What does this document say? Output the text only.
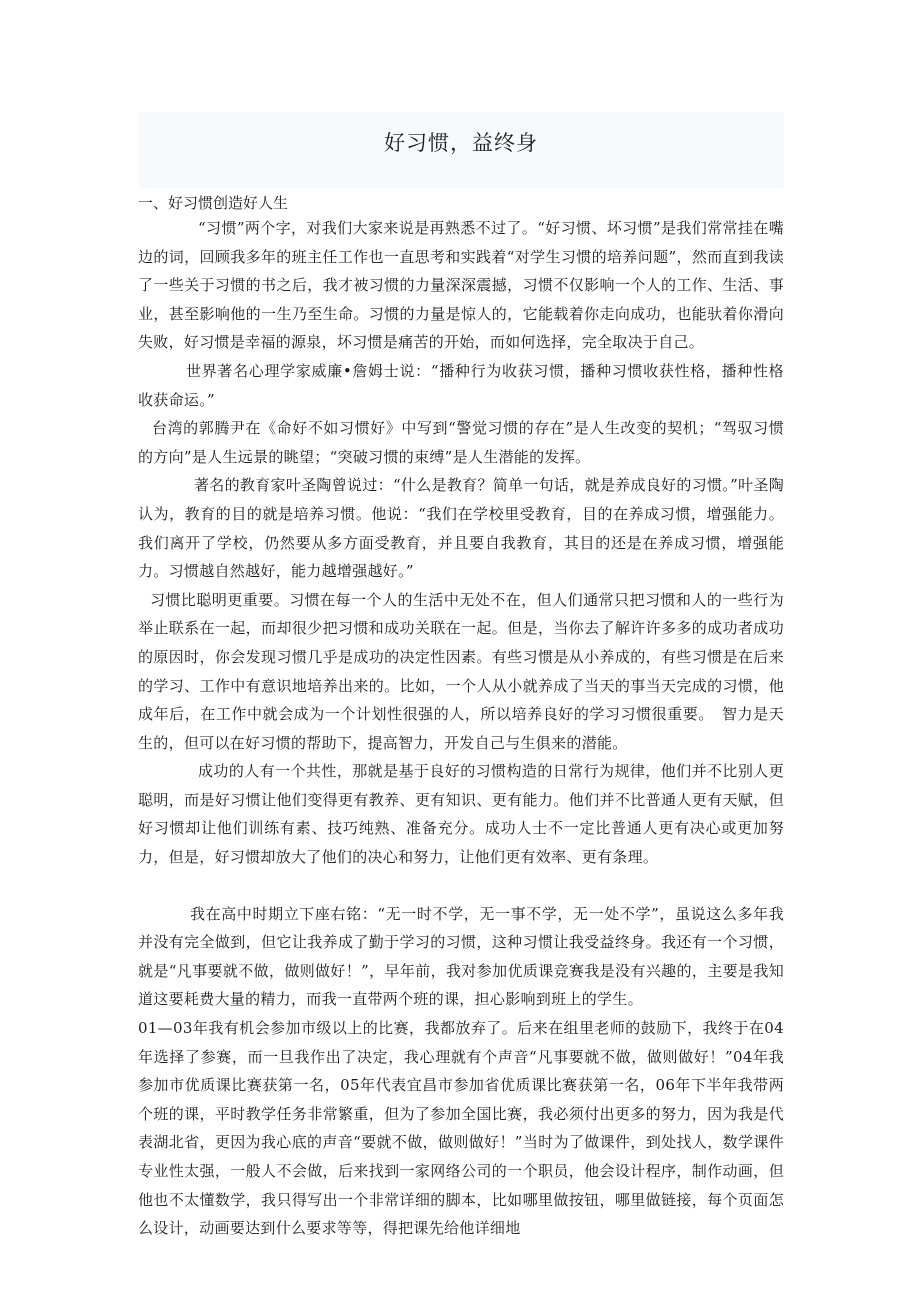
好习惯，益终身
一、好习惯创造好人生

“习惯”两个字，对我们大家来说是再熟悉不过了。“好习惯、坏习惯”是我们常常挂在嘴边的词，回顾我多年的班主任工作也一直思考和实践着“对学生习惯的培养问题”，然而直到我读了一些关于习惯的书之后，我才被习惯的力量深深震撼，习惯不仅影响一个人的工作、生活、事业，甚至影响他的一生乃至生命。习惯的力量是惊人的，它能载着你走向成功，也能驮着你滑向失败，好习惯是幸福的源泉，坏习惯是痛苦的开始，而如何选择，完全取决于自己。

世界著名心理学家威廉•詹姆士说：“播种行为收获习惯，播种习惯收获性格，播种性格收获命运。”

台湾的郭腾尹在《命好不如习惯好》中写到“警觉习惯的存在”是人生改变的契机；“驾驭习惯的方向”是人生远景的眺望；“突破习惯的束缚”是人生潜能的发挥。

著名的教育家叶圣陶曾说过：“什么是教育？简单一句话，就是养成良好的习惯。”叶圣陶认为，教育的目的就是培养习惯。他说：“我们在学校里受教育，目的在养成习惯，增强能力。我们离开了学校，仍然要从多方面受教育，并且要自我教育，其目的还是在养成习惯，增强能力。习惯越自然越好，能力越增强越好。”

习惯比聪明更重要。习惯在每一个人的生活中无处不在，但人们通常只把习惯和人的一些行为举止联系在一起，而却很少把习惯和成功关联在一起。但是，当你去了解许许多多的成功者成功的原因时，你会发现习惯几乎是成功的决定性因素。有些习惯是从小养成的，有些习惯是在后来的学习、工作中有意识地培养出来的。比如，一个人从小就养成了当天的事当天完成的习惯，他成年后，在工作中就会成为一个计划性很强的人，所以培养良好的学习习惯很重要。　智力是天生的，但可以在好习惯的帮助下，提高智力，开发自己与生俱来的潜能。

成功的人有一个共性，那就是基于良好的习惯构造的日常行为规律，他们并不比别人更聪明，而是好习惯让他们变得更有教养、更有知识、更有能力。他们并不比普通人更有天赋，但好习惯却让他们训练有素、技巧纯熟、准备充分。成功人士不一定比普通人更有决心或更加努力，但是，好习惯却放大了他们的决心和努力，让他们更有效率、更有条理。

我在高中时期立下座右铭：“无一时不学，无一事不学，无一处不学”，虽说这么多年我并没有完全做到，但它让我养成了勤于学习的习惯，这种习惯让我受益终身。我还有一个习惯，就是“凡事要就不做，做则做好！”，早年前，我对参加优质课竞赛我是没有兴趣的，主要是我知道这要耗费大量的精力，而我一直带两个班的课，担心影响到班上的学生。

01—03年我有机会参加市级以上的比赛，我都放弃了。后来在组里老师的鼓励下，我终于在04年选择了参赛，而一旦我作出了决定，我心理就有个声音“凡事要就不做，做则做好！”04年我参加市优质课比赛获第一名，05年代表宜昌市参加省优质课比赛获第一名，06年下半年我带两个班的课，平时教学任务非常繁重，但为了参加全国比赛，我必须付出更多的努力，因为我是代表湖北省，更因为我心底的声音“要就不做，做则做好！”当时为了做课件，到处找人，数学课件专业性太强，一般人不会做，后来找到一家网络公司的一个职员，他会设计程序，制作动画，但他也不太懂数学，我只得写出一个非常详细的脚本，比如哪里做按钮，哪里做链接，每个页面怎么设计，动画要达到什么要求等等，得把课先给他详细地
